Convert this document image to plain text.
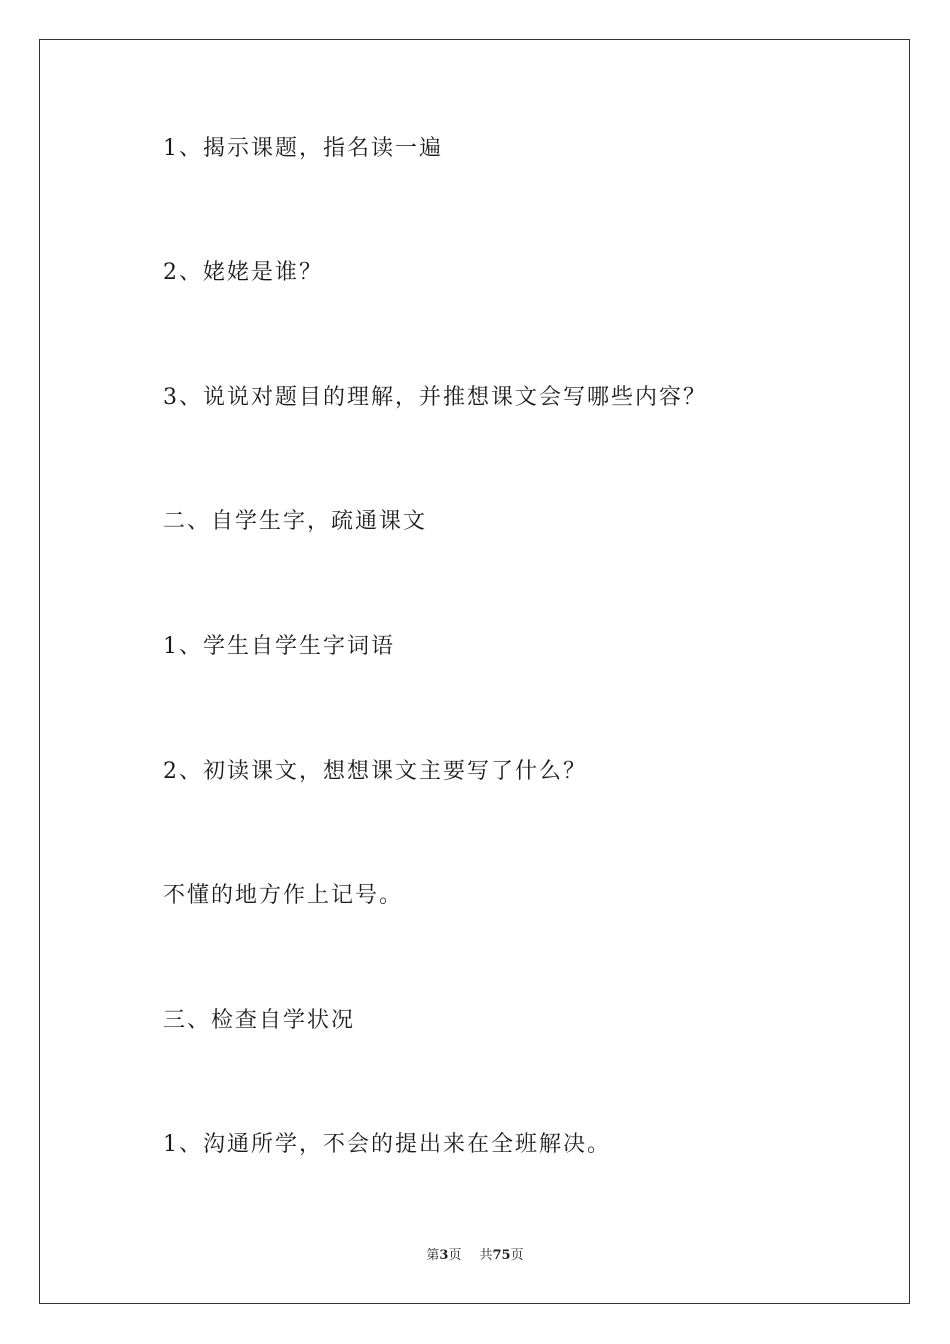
1、揭示课题，指名读一遍
2、姥姥是谁？
3、说说对题目的理解，并推想课文会写哪些内容？
二、自学生字，疏通课文
1、学生自学生字词语
2、初读课文，想想课文主要写了什么？
不懂的地方作上记号。
三、检查自学状况
1、沟通所学，不会的提出来在全班解决。
第3页 共75页
